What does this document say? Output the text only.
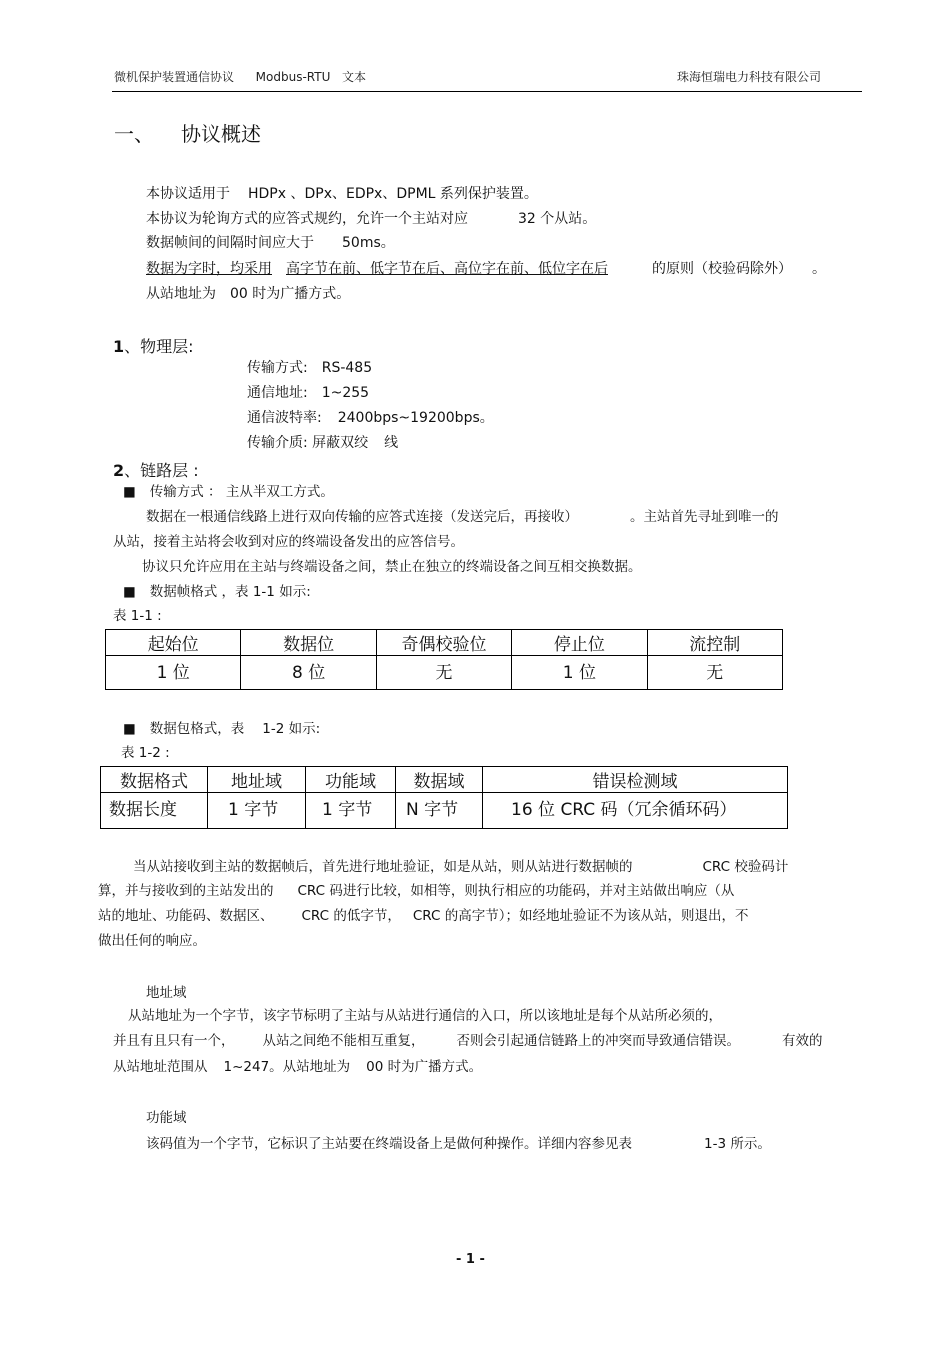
微机保护装置通信协议 Modbus-RTU 文本	珠海恒瑞电力科技有限公司
一、 协议概述
本协议适用于 HDPx 、DPx、EDPx、DPML 系列保护装置。
本协议为轮询方式的应答式规约，允许一个主站对应	32 个从站。
数据帧间的间隔时间应大于 50ms。
数据为字时，均采用 高字节在前、低字节在后、高位字在前、低位字在后	的原则（校验码除外） 。
从站地址为 00 时为广播方式。
1、物理层:
传输方式: RS-485
通信地址: 1~255
通信波特率: 2400bps~19200bps。
传输介质: 屏蔽双绞 线
2、链路层 :
■ 传输方式 ： 主从半双工方式。
数据在一根通信线路上进行双向传输的应答式连接（发送完后，再接收）	。主站首先寻址到唯一的
从站，接着主站将会收到对应的终端设备发出的应答信号。
协议只允许应用在主站与终端设备之间，禁止在独立的终端设备之间互相交换数据。
■ 数据帧格式 ，表 1-1 如示:
表 1-1 :
起始位	数据位	奇偶校验位	停止位	流控制
1 位	8 位	无	1 位	无
■ 数据包格式，表 1-2 如示:
表 1-2 :
数据格式	地址域	功能域	数据域	错误检测域
数据长度	1 字节	1 字节	N 字节	16 位 CRC 码（冗余循环码）
当从站接收到主站的数据帧后，首先进行地址验证，如是从站，则从站进行数据帧的	CRC 校验码计
算，并与接收到的主站发出的 CRC 码进行比较，如相等，则执行相应的功能码，并对主站做出响应（从
站的地址、功能码、数据区、 CRC 的低字节， CRC 的高字节）；如经地址验证不为该从站，则退出，不
做出任何的响应。
地址域
从站地址为一个字节，该字节标明了主站与从站进行通信的入口，所以该地址是每个从站所必须的，
并且有且只有一个， 从站之间绝不能相互重复， 否则会引起通信链路上的冲突而导致通信错误。	有效的
从站地址范围从 1~247。从站地址为 00 时为广播方式。
功能域
该码值为一个字节，它标识了主站要在终端设备上是做何种操作。详细内容参见表	1-3 所示。
- 1 -
